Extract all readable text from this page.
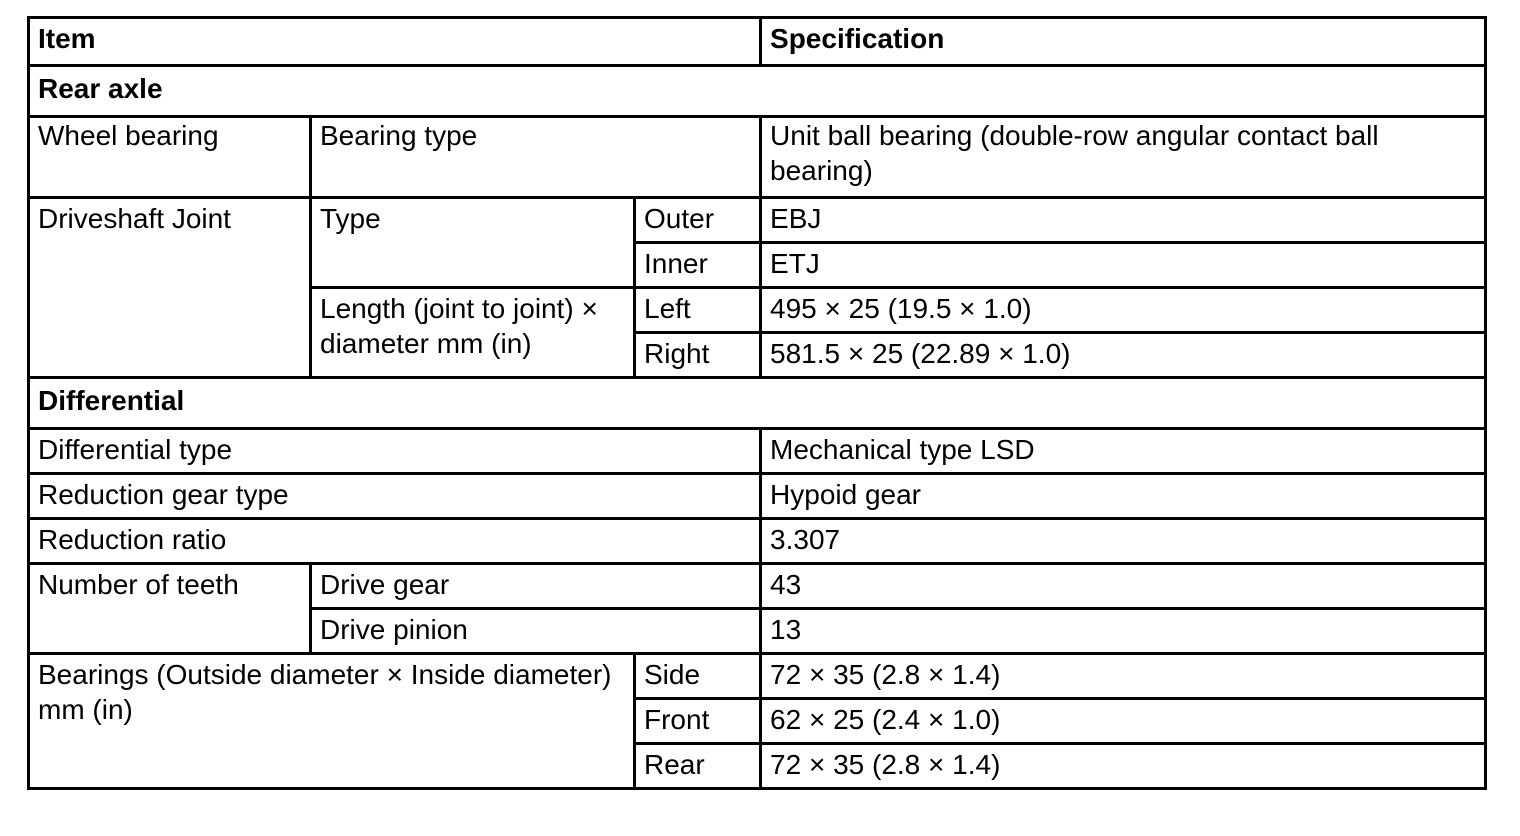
Item			Specification
Rear axle			
Wheel bearing	Bearing type		Unit ball bearing (double-row angular contact ball bearing)
Driveshaft Joint	Type	Outer	EBJ
		Inner	ETJ
	Length (joint to joint) × diameter mm (in)	Left	495 × 25 (19.5 × 1.0)
		Right	581.5 × 25 (22.89 × 1.0)
Differential			
Differential type			Mechanical type LSD
Reduction gear type			Hypoid gear
Reduction ratio			3.307
Number of teeth	Drive gear		43
	Drive pinion		13
Bearings (Outside diameter × Inside diameter) mm (in)		Side	72 × 35 (2.8 × 1.4)
		Front	62 × 25 (2.4 × 1.0)
		Rear	72 × 35 (2.8 × 1.4)
